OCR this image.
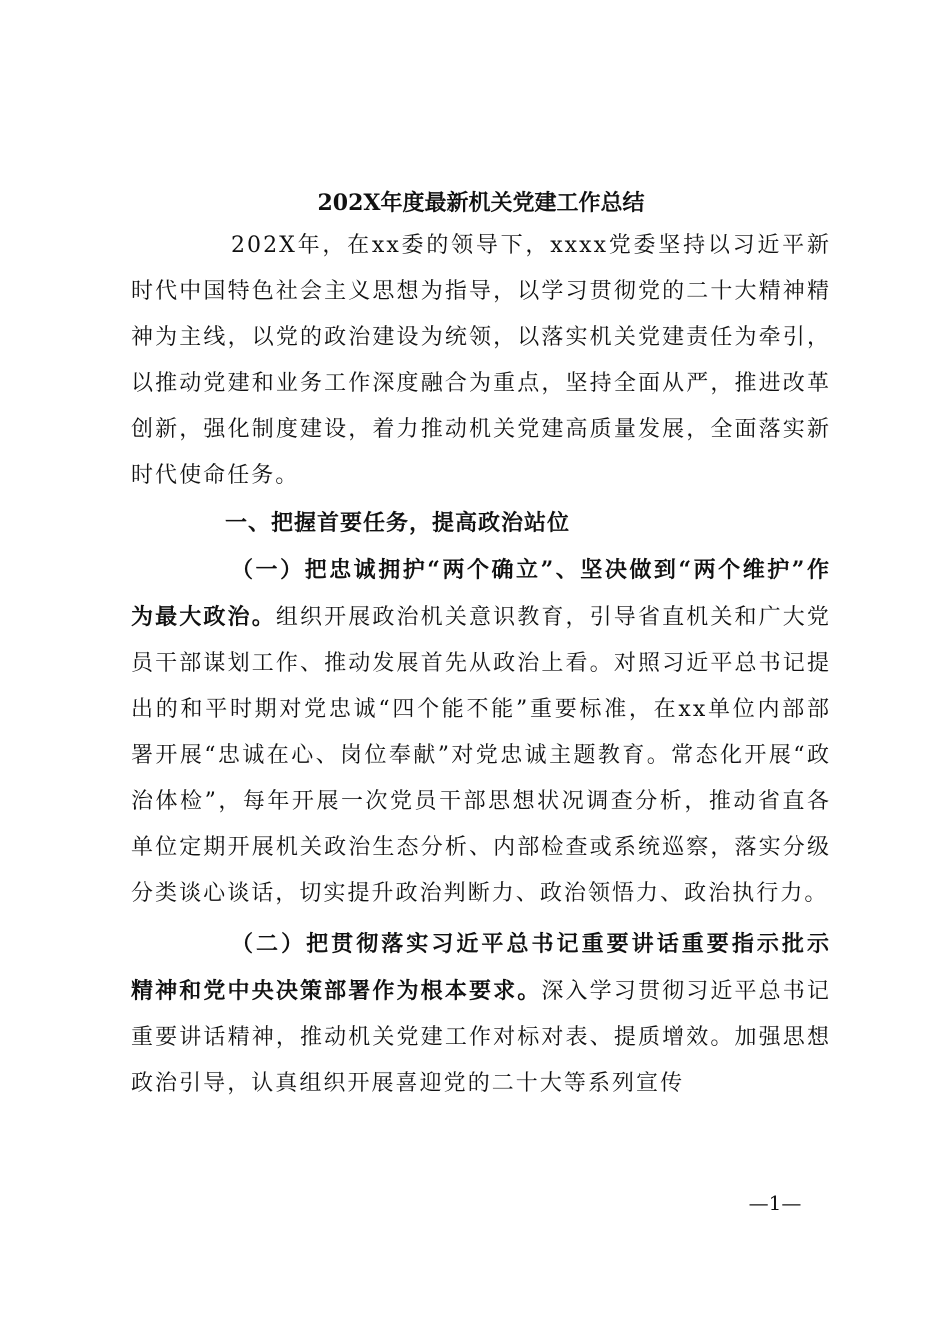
202X年度最新机关党建工作总结

202X年，在xx委的领导下，xxxx党委坚持以习近平新时代中国特色社会主义思想为指导，以学习贯彻党的二十大精神精神为主线，以党的政治建设为统领，以落实机关党建责任为牵引，以推动党建和业务工作深度融合为重点，坚持全面从严，推进改革创新，强化制度建设，着力推动机关党建高质量发展，全面落实新时代使命任务。

一、把握首要任务，提高政治站位

（一）把忠诚拥护“两个确立”、坚决做到“两个维护”作为最大政治。组织开展政治机关意识教育，引导省直机关和广大党员干部谋划工作、推动发展首先从政治上看。对照习近平总书记提出的和平时期对党忠诚“四个能不能”重要标准，在xx单位内部部署开展“忠诚在心、岗位奉献”对党忠诚主题教育。常态化开展“政治体检”，每年开展一次党员干部思想状况调查分析，推动省直各单位定期开展机关政治生态分析、内部检查或系统巡察，落实分级分类谈心谈话，切实提升政治判断力、政治领悟力、政治执行力。

（二）把贯彻落实习近平总书记重要讲话重要指示批示精神和党中央决策部署作为根本要求。深入学习贯彻习近平总书记重要讲话精神，推动机关党建工作对标对表、提质增效。加强思想政治引导，认真组织开展喜迎党的二十大等系列宣传

—1—
